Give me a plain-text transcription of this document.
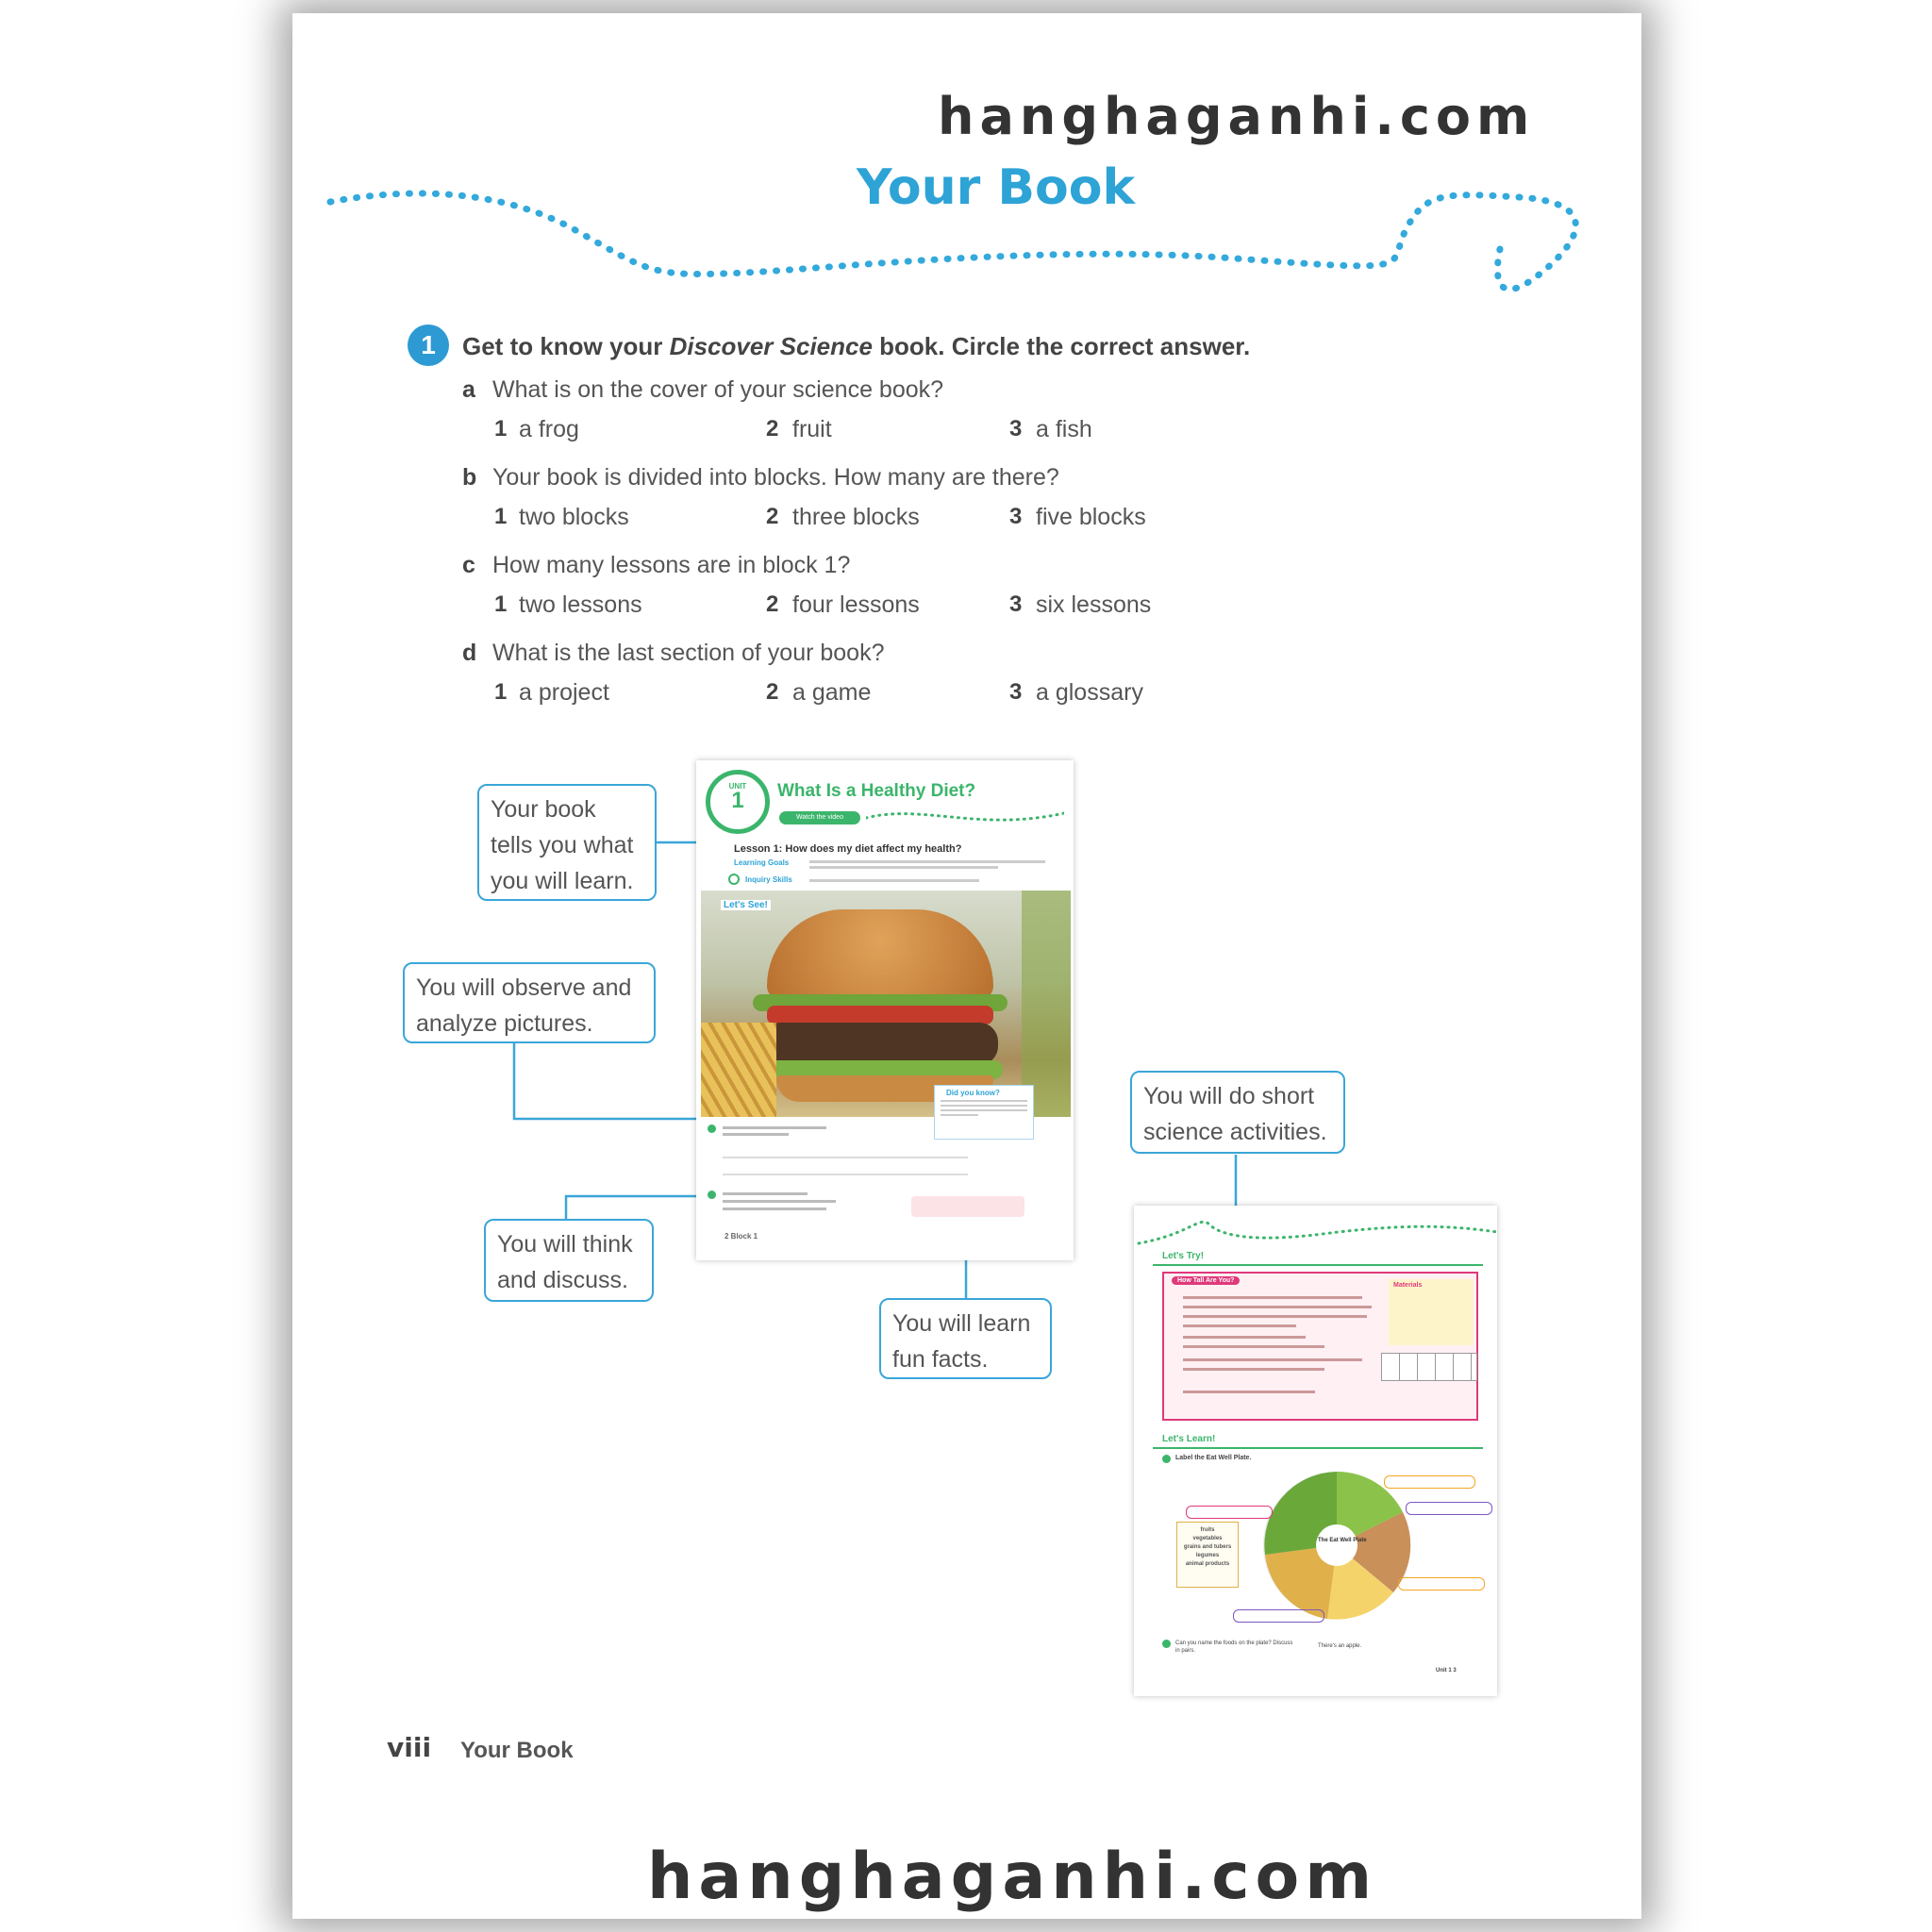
hanghaganhi.com
Your Book
1	Get to know your Discover Science book. Circle the correct answer.
a What is on the cover of your science book?
1 a frog	2 fruit	3 a fish
b Your book is divided into blocks. How many are there?
1 two blocks	2 three blocks	3 five blocks
c How many lessons are in block 1?
1 two lessons	2 four lessons	3 six lessons
d What is the last section of your book?
1 a project	2 a game	3 a glossary
UNIT
1	What Is a Healthy Diet?
Watch the video
Lesson 1: How does my diet affect my health?
Learning Goals
Inquiry Skills
Let's See!
Did you know?
2 Block 1
Let's Try!
How Tall Are You?
Materials
Let's Learn!
Label the Eat Well Plate.
The Eat Well Plate
fruits
vegetables
grains and tubers
legumes
animal products
Can you name the foods on the plate? Discuss in pairs.
There's an apple.
Unit 1 3
Your book tells you what you will learn.
You will observe and analyze pictures.
You will think and discuss.
You will learn fun facts.
You will do short science activities.
viii Your Book
hanghaganhi.com
